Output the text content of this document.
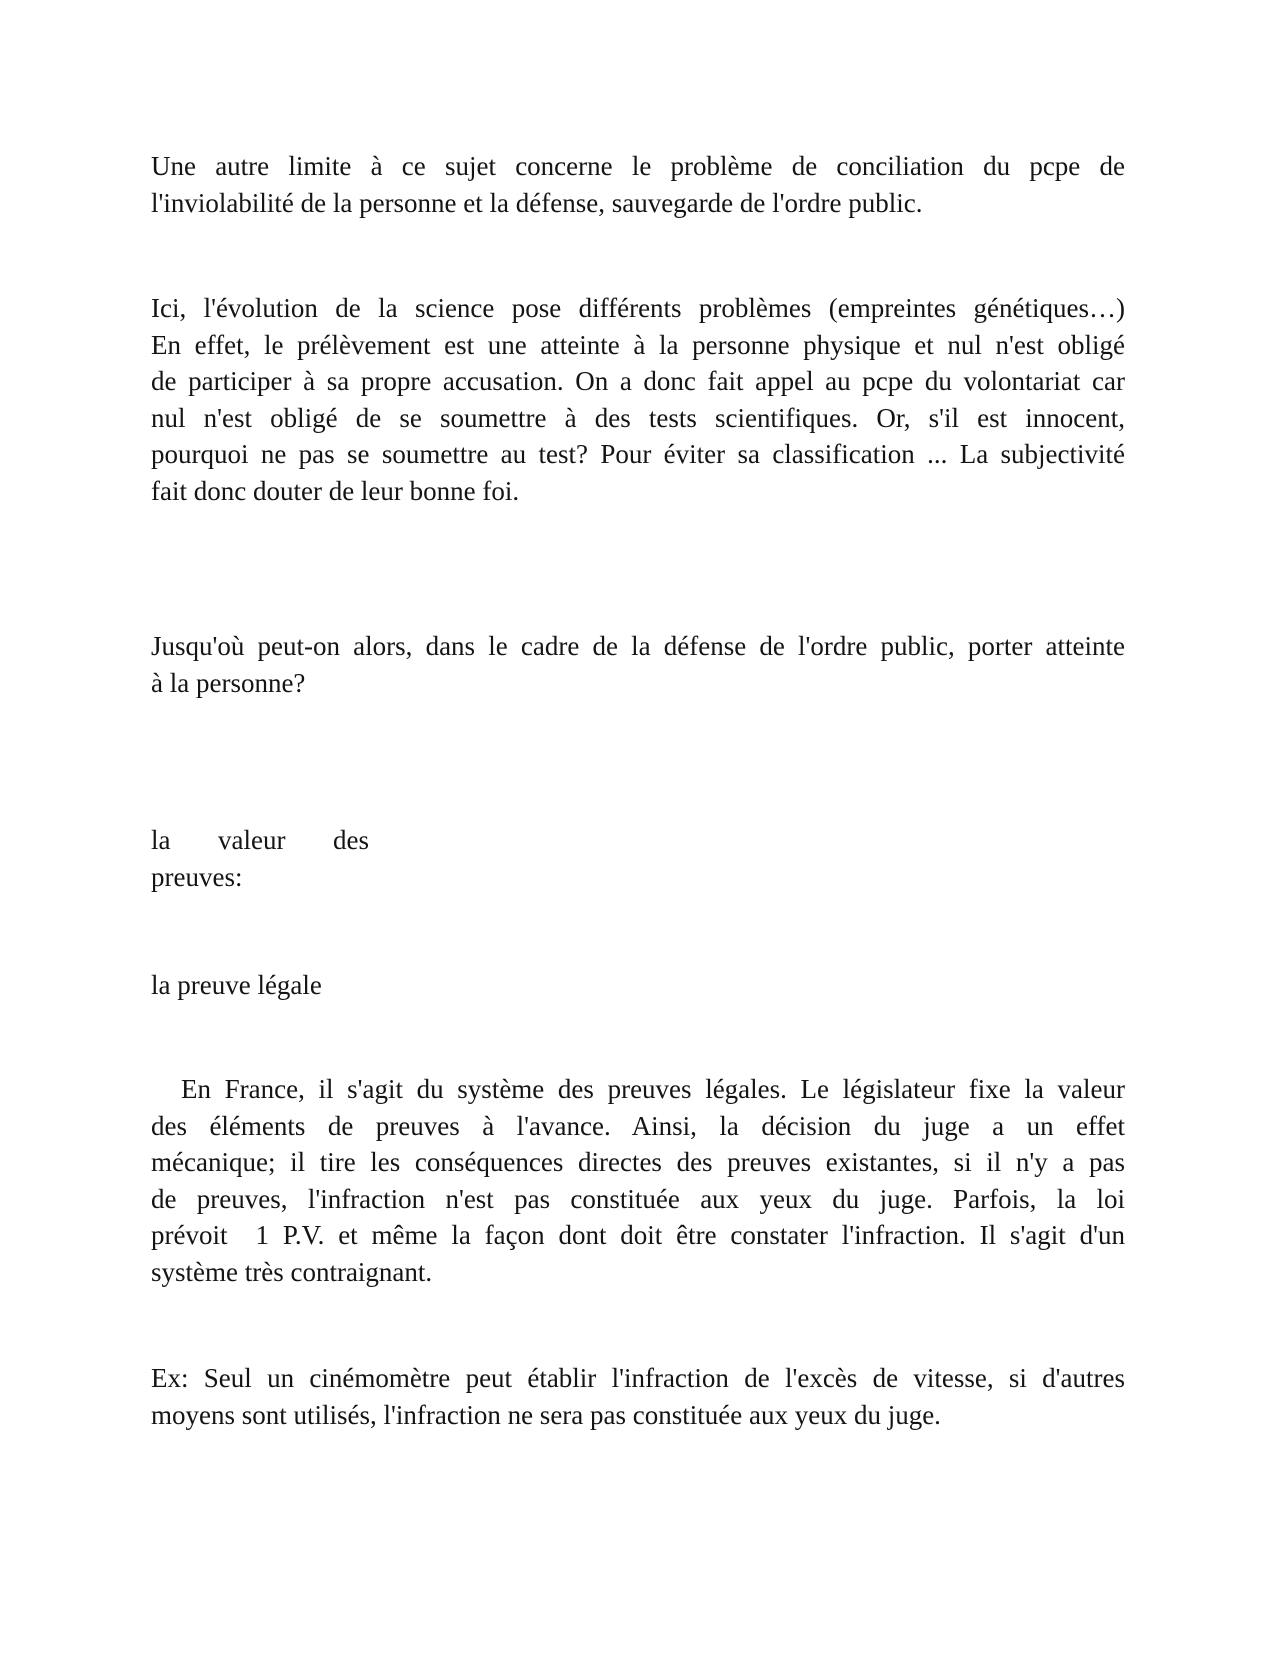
Une autre limite à ce sujet concerne le problème de conciliation du pcpe de
l'inviolabilité de la personne et la défense, sauvegarde de l'ordre public.

Ici, l'évolution de la science pose différents problèmes (empreintes génétiques…)
En effet, le prélèvement est une atteinte à la personne physique et nul n'est obligé
de participer à sa propre accusation. On a donc fait appel au pcpe du volontariat car
nul n'est obligé de se soumettre à des tests scientifiques. Or, s'il est innocent,
pourquoi ne pas se soumettre au test? Pour éviter sa classification ... La subjectivité
fait donc douter de leur bonne foi.

Jusqu'où peut-on alors, dans le cadre de la défense de l'ordre public, porter atteinte
à la personne?

la valeur des
preuves:

la preuve légale

En France, il s'agit du système des preuves légales. Le législateur fixe la valeur
des éléments de preuves à l'avance. Ainsi, la décision du juge a un effet
mécanique; il tire les conséquences directes des preuves existantes, si il n'y a pas
de preuves, l'infraction n'est pas constituée aux yeux du juge. Parfois, la loi
prévoit 1 P.V. et même la façon dont doit être constater l'infraction. Il s'agit d'un
système très contraignant.

Ex: Seul un cinémomètre peut établir l'infraction de l'excès de vitesse, si d'autres
moyens sont utilisés, l'infraction ne sera pas constituée aux yeux du juge.
